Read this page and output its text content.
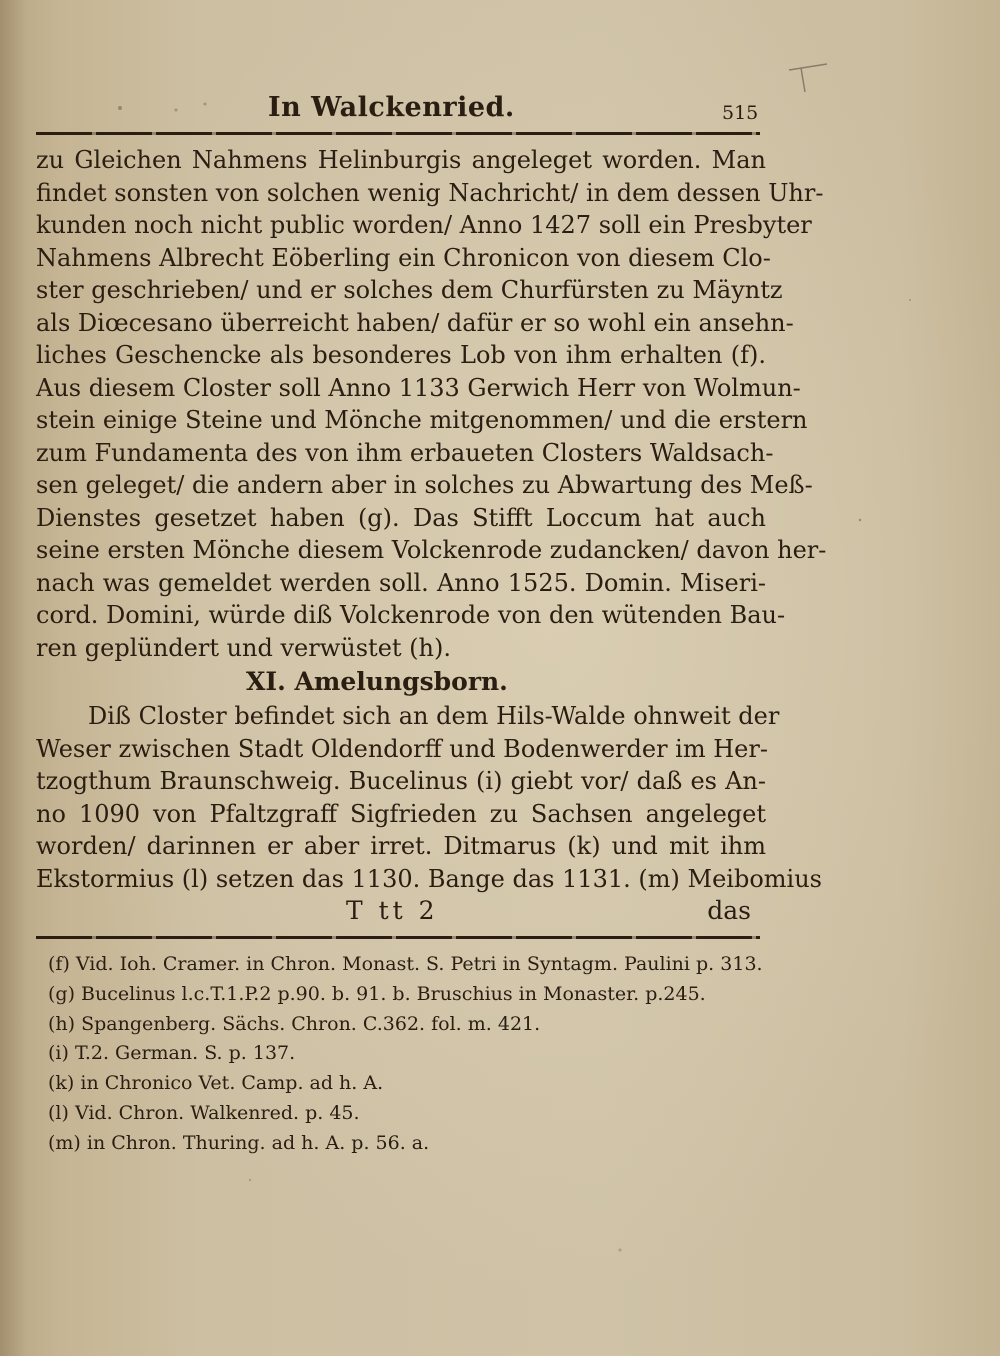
In Walckenried.	515
zu Gleichen Nahmens Helinburgis angeleget worden. Man
findet sonsten von solchen wenig Nachricht/ in dem dessen Uhr-
kunden noch nicht public worden/ Anno 1427 soll ein Presbyter
Nahmens Albrecht Eöberling ein Chronicon von diesem Clo-
ster geschrieben/ und er solches dem Churfürsten zu Mäyntz
als Diœcesano überreicht haben/ dafür er so wohl ein ansehn-
liches Geschencke als besonderes Lob von ihm erhalten (f).
Aus diesem Closter soll Anno 1133 Gerwich Herr von Wolmun-
stein einige Steine und Mönche mitgenommen/ und die erstern
zum Fundamenta des von ihm erbaueten Closters Waldsach-
sen geleget/ die andern aber in solches zu Abwartung des Meß-
Dienstes gesetzet haben (g). Das Stifft Loccum hat auch
seine ersten Mönche diesem Volckenrode zudancken/ davon her-
nach was gemeldet werden soll. Anno 1525. Domin. Miseri-
cord. Domini, würde diß Volckenrode von den wütenden Bau-
ren geplündert und verwüstet (h).
XI. Amelungsborn.
Diß Closter befindet sich an dem Hils-Walde ohnweit der
Weser zwischen Stadt Oldendorff und Bodenwerder im Her-
tzogthum Braunschweig. Bucelinus (i) giebt vor/ daß es An-
no 1090 von Pfaltzgraff Sigfrieden zu Sachsen angeleget
worden/ darinnen er aber irret. Ditmarus (k) und mit ihm
Ekstormius (l) setzen das 1130. Bange das 1131. (m) Meibomius
T tt 2	das
(f) Vid. Ioh. Cramer. in Chron. Monast. S. Petri in Syntagm. Paulini p. 313.
(g) Bucelinus l.c.T.1.P.2 p.90. b. 91. b. Bruschius in Monaster. p.245.
(h) Spangenberg. Sächs. Chron. C.362. fol. m. 421.
(i) T.2. German. S. p. 137.
(k) in Chronico Vet. Camp. ad h. A.
(l) Vid. Chron. Walkenred. p. 45.
(m) in Chron. Thuring. ad h. A. p. 56. a.
